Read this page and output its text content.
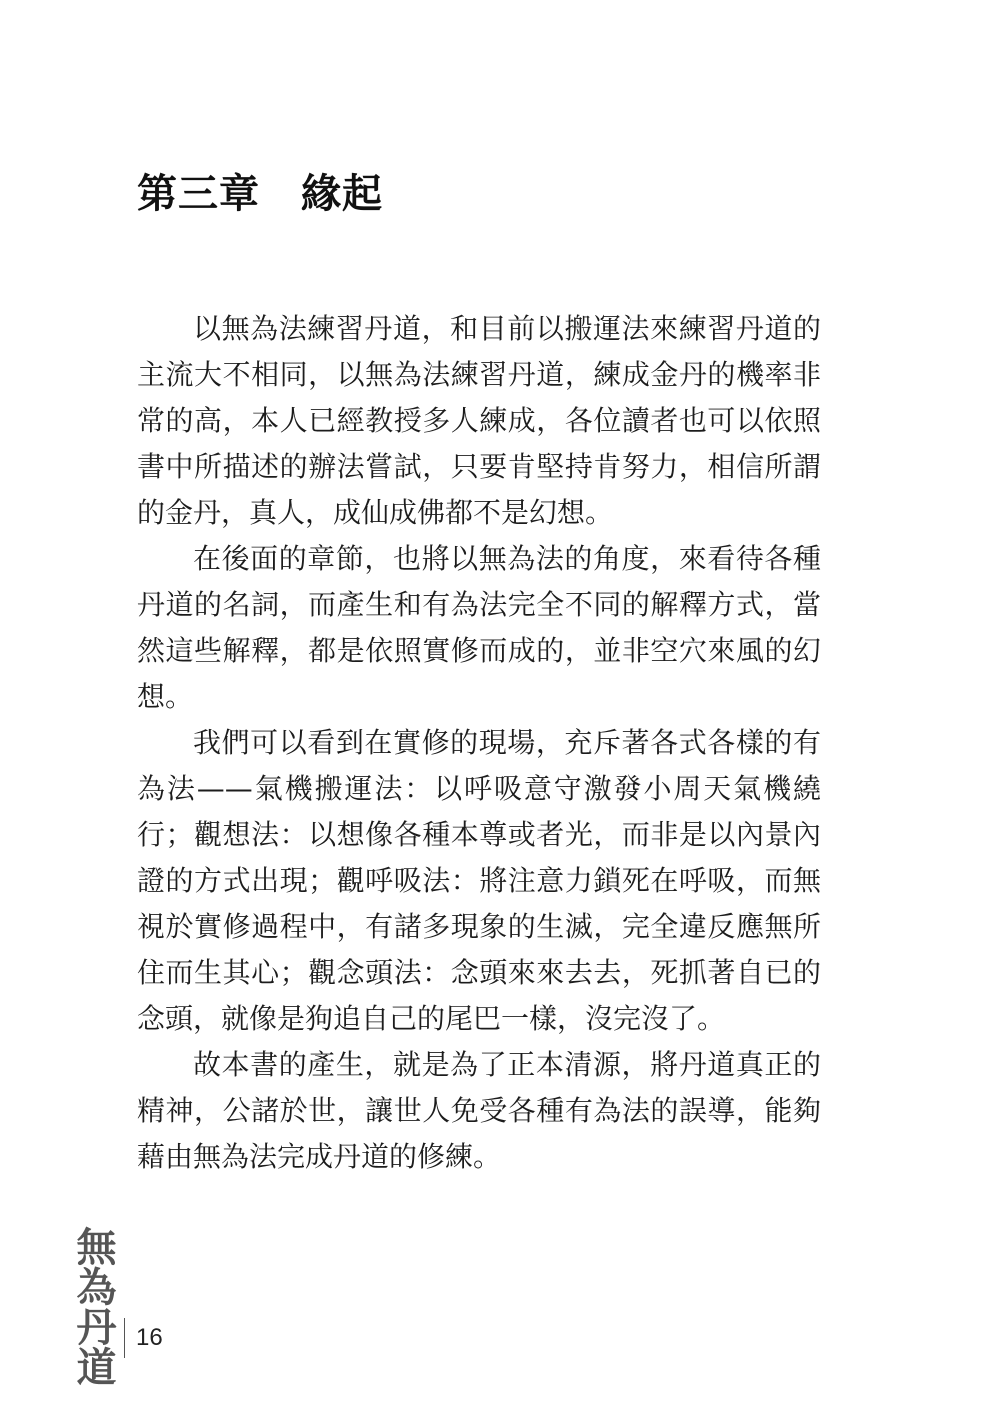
第三章　緣起

以無為法練習丹道，和目前以搬運法來練習丹道的主流大不相同，以無為法練習丹道，練成金丹的機率非常的高，本人已經教授多人練成，各位讀者也可以依照書中所描述的辦法嘗試，只要肯堅持肯努力，相信所謂的金丹，真人，成仙成佛都不是幻想。

在後面的章節，也將以無為法的角度，來看待各種丹道的名詞，而產生和有為法完全不同的解釋方式，當然這些解釋，都是依照實修而成的，並非空穴來風的幻想。

我們可以看到在實修的現場，充斥著各式各樣的有為法——氣機搬運法：以呼吸意守激發小周天氣機繞行；觀想法：以想像各種本尊或者光，而非是以內景內證的方式出現；觀呼吸法：將注意力鎖死在呼吸，而無視於實修過程中，有諸多現象的生滅，完全違反應無所住而生其心；觀念頭法：念頭來來去去，死抓著自已的念頭，就像是狗追自己的尾巴一樣，沒完沒了。

故本書的產生，就是為了正本清源，將丹道真正的精神，公諸於世，讓世人免受各種有為法的誤導，能夠藉由無為法完成丹道的修練。

無為丹道 16
